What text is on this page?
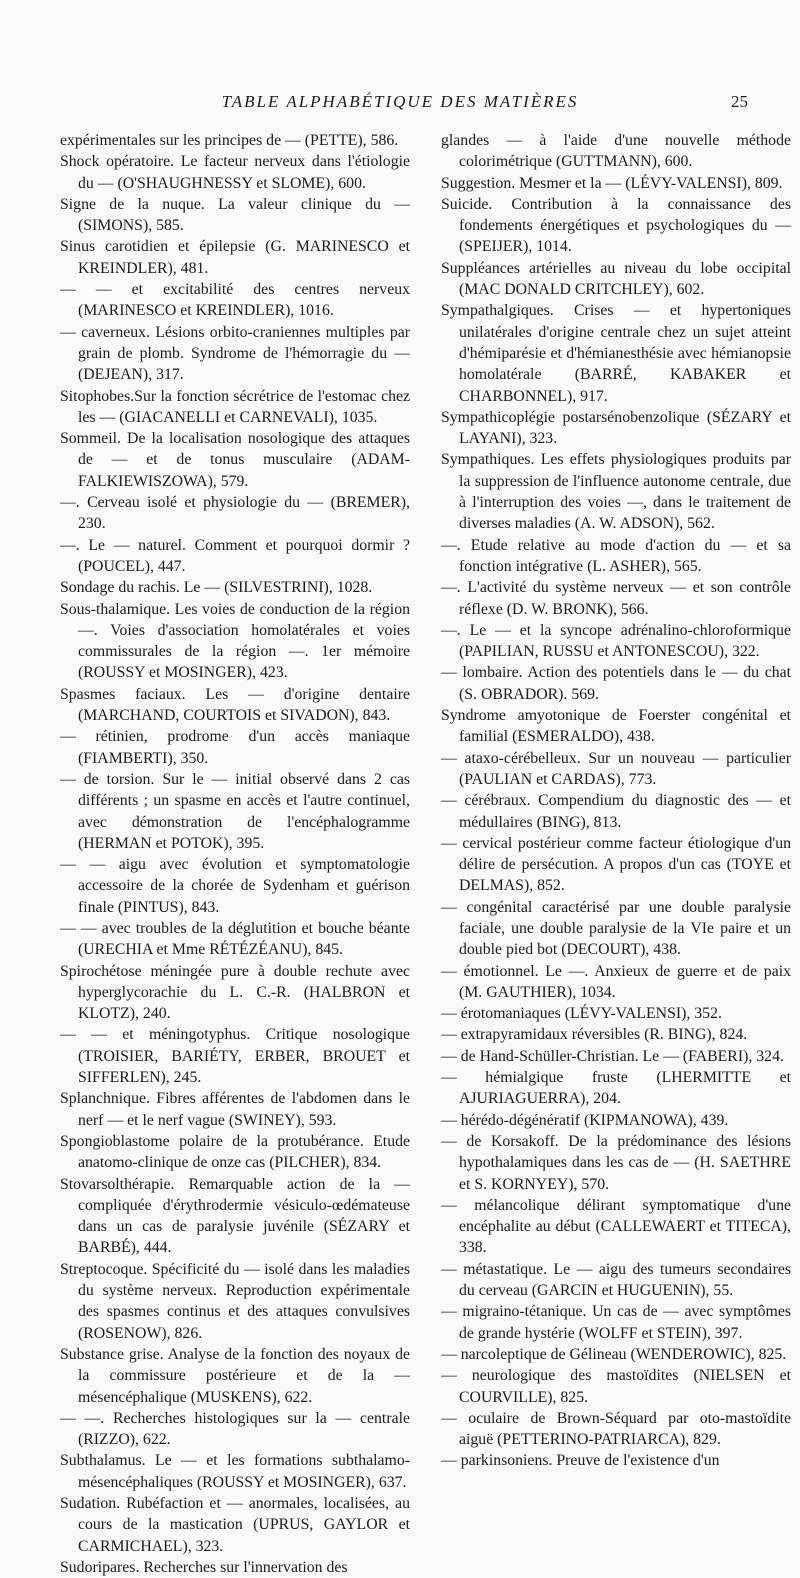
TABLE ALPHABÉTIQUE DES MATIÈRES	25

expérimentales sur les principes de — (PETTE), 586.

Shock opératoire. Le facteur nerveux dans l'étiologie du — (O'SHAUGHNESSY et SLOME), 600.

Signe de la nuque. La valeur clinique du — (SIMONS), 585.

Sinus carotidien et épilepsie (G. MARINESCO et KREINDLER), 481.

— — et excitabilité des centres nerveux (MARINESCO et KREINDLER), 1016.

— caverneux. Lésions orbito-craniennes multiples par grain de plomb. Syndrome de l'hémorragie du — (DEJEAN), 317.

Sitophobes.Sur la fonction sécrétrice de l'estomac chez les — (GIACANELLI et CARNEVALI), 1035.

Sommeil. De la localisation nosologique des attaques de — et de tonus musculaire (ADAM-FALKIEWISZOWA), 579.

—. Cerveau isolé et physiologie du — (BREMER), 230.

—. Le — naturel. Comment et pourquoi dormir ? (POUCEL), 447.

Sondage du rachis. Le — (SILVESTRINI), 1028.

Sous-thalamique. Les voies de conduction de la région —. Voies d'association homolatérales et voies commissurales de la région —. 1er mémoire (ROUSSY et MOSINGER), 423.

Spasmes faciaux. Les — d'origine dentaire (MARCHAND, COURTOIS et SIVADON), 843.

— rétinien, prodrome d'un accès maniaque (FIAMBERTI), 350.

— de torsion. Sur le — initial observé dans 2 cas différents ; un spasme en accès et l'autre continuel, avec démonstration de l'encéphalogramme (HERMAN et POTOK), 395.

— — aigu avec évolution et symptomatologie accessoire de la chorée de Sydenham et guérison finale (PINTUS), 843.

— — avec troubles de la déglutition et bouche béante (URECHIA et Mme RÉTÉZÉANU), 845.

Spirochétose méningée pure à double rechute avec hyperglycorachie du L. C.-R. (HALBRON et KLOTZ), 240.

— — et méningotyphus. Critique nosologique (TROISIER, BARIÉTY, ERBER, BROUET et SIFFERLEN), 245.

Splanchnique. Fibres afférentes de l'abdomen dans le nerf — et le nerf vague (SWINEY), 593.

Spongioblastome polaire de la protubérance. Etude anatomo-clinique de onze cas (PILCHER), 834.

Stovarsolthérapie. Remarquable action de la — compliquée d'érythrodermie vésiculo-œdémateuse dans un cas de paralysie juvénile (SÉZARY et BARBÉ), 444.

Streptocoque. Spécificité du — isolé dans les maladies du système nerveux. Reproduction expérimentale des spasmes continus et des attaques convulsives (ROSENOW), 826.

Substance grise. Analyse de la fonction des noyaux de la commissure postérieure et de la — mésencéphalique (MUSKENS), 622.

— —. Recherches histologiques sur la — centrale (RIZZO), 622.

Subthalamus. Le — et les formations subthalamo-mésencéphaliques (ROUSSY et MOSINGER), 637.

Sudation. Rubéfaction et — anormales, localisées, au cours de la mastication (UPRUS, GAYLOR et CARMICHAEL), 323.

Sudoripares. Recherches sur l'innervation des

glandes — à l'aide d'une nouvelle méthode colorimétrique (GUTTMANN), 600.

Suggestion. Mesmer et la — (LÉVY-VALENSI), 809.

Suicide. Contribution à la connaissance des fondements énergétiques et psychologiques du — (SPEIJER), 1014.

Suppléances artérielles au niveau du lobe occipital (MAC DONALD CRITCHLEY), 602.

Sympathalgiques. Crises — et hypertoniques unilatérales d'origine centrale chez un sujet atteint d'hémiparésie et d'hémianesthésie avec hémianopsie homolatérale (BARRÉ, KABAKER et CHARBONNEL), 917.

Sympathicoplégie postarsénobenzolique (SÉZARY et LAYANI), 323.

Sympathiques. Les effets physiologiques produits par la suppression de l'influence autonome centrale, due à l'interruption des voies —, dans le traitement de diverses maladies (A. W. ADSON), 562.

—. Etude relative au mode d'action du — et sa fonction intégrative (L. ASHER), 565.

—. L'activité du système nerveux — et son contrôle réflexe (D. W. BRONK), 566.

—. Le — et la syncope adrénalino-chloroformique (PAPILIAN, RUSSU et ANTONESCOU), 322.

— lombaire. Action des potentiels dans le — du chat (S. OBRADOR). 569.

Syndrome amyotonique de Foerster congénital et familial (ESMERALDO), 438.

— ataxo-cérébelleux. Sur un nouveau — particulier (PAULIAN et CARDAS), 773.

— cérébraux. Compendium du diagnostic des — et médullaires (BING), 813.

— cervical postérieur comme facteur étiologique d'un délire de persécution. A propos d'un cas (TOYE et DELMAS), 852.

— congénital caractérisé par une double paralysie faciale, une double paralysie de la VIe paire et un double pied bot (DECOURT), 438.

— émotionnel. Le —. Anxieux de guerre et de paix (M. GAUTHIER), 1034.

— érotomaniaques (LÉVY-VALENSI), 352.

— extrapyramidaux réversibles (R. BING), 824.

— de Hand-Schüller-Christian. Le — (FABERI), 324.

— hémialgique fruste (LHERMITTE et AJURIAGUERRA), 204.

— hérédo-dégénératif (KIPMANOWA), 439.

— de Korsakoff. De la prédominance des lésions hypothalamiques dans les cas de — (H. SAETHRE et S. KORNYEY), 570.

— mélancolique délirant symptomatique d'une encéphalite au début (CALLEWAERT et TITECA), 338.

— métastatique. Le — aigu des tumeurs secondaires du cerveau (GARCIN et HUGUENIN), 55.

— migraino-tétanique. Un cas de — avec symptômes de grande hystérie (WOLFF et STEIN), 397.

— narcoleptique de Gélineau (WENDEROWIC), 825.

— neurologique des mastoïdites (NIELSEN et COURVILLE), 825.

— oculaire de Brown-Séquard par oto-mastoïdite aiguë (PETTERINO-PATRIARCA), 829.

— parkinsoniens. Preuve de l'existence d'un
